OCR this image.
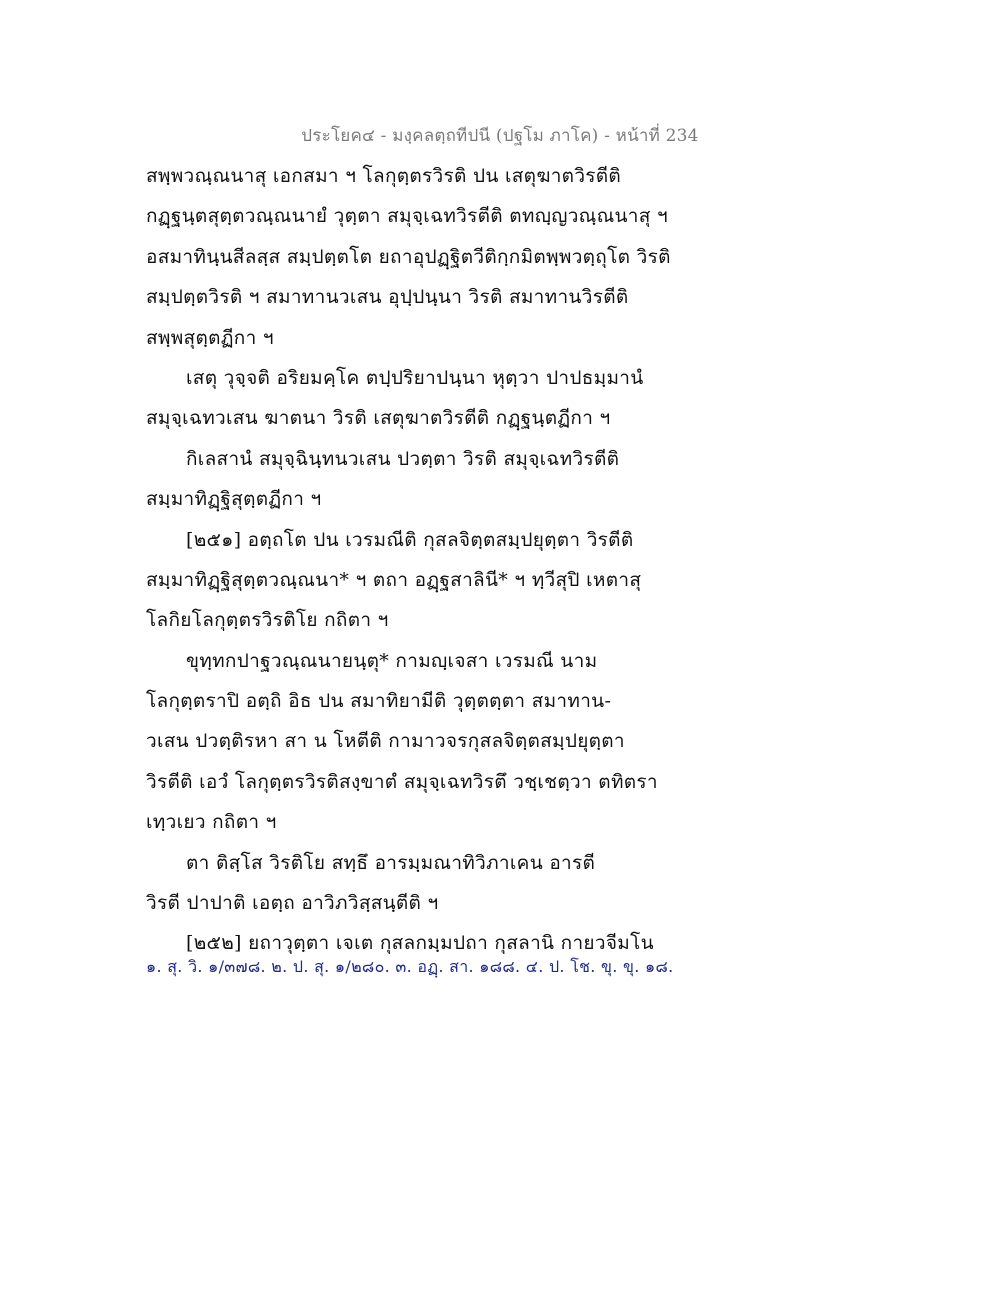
ประโยค๔ - มงฺคลตฺถทีปนี (ปฐโม ภาโค) - หน้าที่ 234
สพฺพวณฺณนาสุ เอกสมา ฯ โลกุตฺตรวิรติ ปน เสตุฆาตวิรตีติ
กฏฺฐนฺตสุตฺตวณฺณนายํ วุตฺตา สมุจฺเฉทวิรตีติ ตทญฺญวณฺณนาสุ ฯ
อสมาทินฺนสีลสฺส สมฺปตฺตโต ยถาอุปฏฺฐิตวีติกฺกมิตพฺพวตฺถุโต วิรติ
สมฺปตฺตวิรติ ฯ สมาทานวเสน อุปฺปนฺนา วิรติ สมาทานวิรตีติ
สพฺพสุตฺตฏีกา ฯ
เสตุ วุจฺจติ อริยมคฺโค ตปฺปริยาปนฺนา หุตฺวา ปาปธมฺมานํ
สมุจฺเฉทวเสน ฆาตนา วิรติ เสตุฆาตวิรตีติ กฏฺฐนฺตฏีกา ฯ
กิเลสานํ สมุจฺฉินฺทนวเสน ปวตฺตา วิรติ สมุจฺเฉทวิรตีติ
สมฺมาทิฏฺฐิสุตฺตฏีกา ฯ
[๒๕๑] อตฺถโต ปน เวรมณีติ กุสลจิตฺตสมฺปยุตฺตา วิรตีติ
สมฺมาทิฏฺฐิสุตฺตวณฺณนา* ฯ ตถา อฏฺฐสาลินี* ฯ ทฺวีสุปิ เหตาสุ
โลกิยโลกุตฺตรวิรติโย กถิตา ฯ
ขุทฺทกปาฐวณฺณนายนฺตุ* กามญฺเจสา เวรมณี นาม
โลกุตฺตราปิ อตฺถิ อิธ ปน สมาทิยามีติ วุตฺตตฺตา สมาทาน-
วเสน ปวตฺติรหา สา น โหตีติ กามาวจรกุสลจิตฺตสมฺปยุตฺตา
วิรตีติ เอวํ โลกุตฺตรวิรติสงฺขาตํ สมุจฺเฉทวิรตึ วชฺเชตฺวา ตทิตรา
เทฺวเยว กถิตา ฯ
ตา ติสฺโส วิรติโย สทฺธึ อารมฺมณาทิวิภาเคน อารตี
วิรตี ปาปาติ เอตฺถ อาวิภวิสฺสนฺตีติ ฯ
[๒๕๒] ยถาวุตฺตา เจเต กุสลกมฺมปถา กุสลานิ กายวจีมโน
๑. สุ. วิ. ๑/๓๗๘. ๒. ป. สุ. ๑/๒๘๐. ๓. อฏฺ. สา. ๑๘๘. ๔. ป. โช. ขุ. ขุ. ๑๘.
